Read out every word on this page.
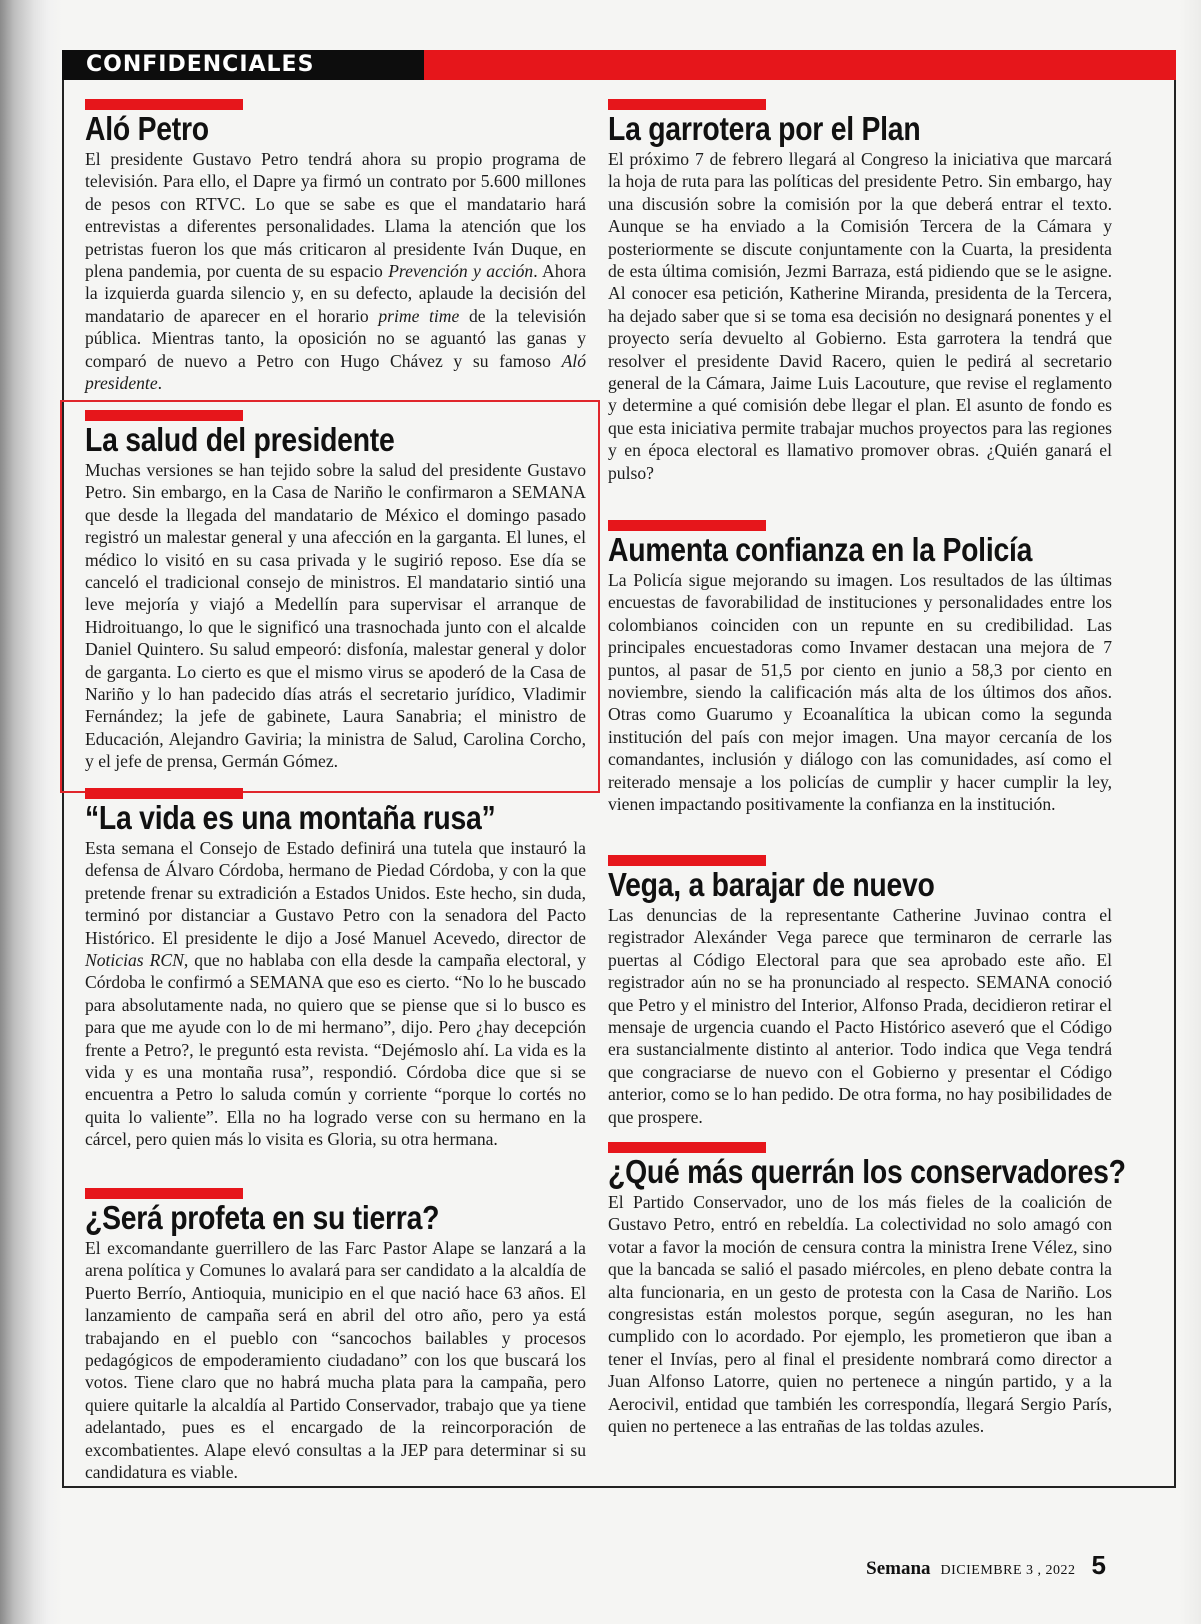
CONFIDENCIALES
Aló Petro

El presidente Gustavo Petro tendrá ahora su propio programa de televisión. Para ello, el Dapre ya firmó un contrato por 5.600 millones de pesos con RTVC. Lo que se sabe es que el mandatario hará entrevistas a diferentes personalidades. Llama la atención que los petristas fueron los que más criticaron al presidente Iván Duque, en plena pandemia, por cuenta de su espacio Prevención y acción. Ahora la izquierda guarda silencio y, en su defecto, aplaude la decisión del mandatario de aparecer en el horario prime time de la televisión pública. Mientras tanto, la oposición no se aguantó las ganas y comparó de nuevo a Petro con Hugo Chávez y su famoso Aló presidente.

La salud del presidente

Muchas versiones se han tejido sobre la salud del presidente Gustavo Petro. Sin embargo, en la Casa de Nariño le confirmaron a SEMANA que desde la llegada del mandatario de México el domingo pasado registró un malestar general y una afección en la garganta. El lunes, el médico lo visitó en su casa privada y le sugirió reposo. Ese día se canceló el tradicional consejo de ministros. El mandatario sintió una leve mejoría y viajó a Medellín para supervisar el arranque de Hidroituango, lo que le significó una trasnochada junto con el alcalde Daniel Quintero. Su salud empeoró: disfonía, malestar general y dolor de garganta. Lo cierto es que el mismo virus se apoderó de la Casa de Nariño y lo han padecido días atrás el secretario jurídico, Vladimir Fernández; la jefe de gabinete, Laura Sanabria; el ministro de Educación, Alejandro Gaviria; la ministra de Salud, Carolina Corcho, y el jefe de prensa, Germán Gómez.

“La vida es una montaña rusa”

Esta semana el Consejo de Estado definirá una tutela que instauró la defensa de Álvaro Córdoba, hermano de Piedad Córdoba, y con la que pretende frenar su extradición a Estados Unidos. Este hecho, sin duda, terminó por distanciar a Gustavo Petro con la senadora del Pacto Histórico. El presidente le dijo a José Manuel Acevedo, director de Noticias RCN, que no hablaba con ella desde la campaña electoral, y Córdoba le confirmó a SEMANA que eso es cierto. “No lo he buscado para absolutamente nada, no quiero que se piense que si lo busco es para que me ayude con lo de mi hermano”, dijo. Pero ¿hay decepción frente a Petro?, le preguntó esta revista. “Dejémoslo ahí. La vida es la vida y es una montaña rusa”, respondió. Córdoba dice que si se encuentra a Petro lo saluda común y corriente “porque lo cortés no quita lo valiente”. Ella no ha logrado verse con su hermano en la cárcel, pero quien más lo visita es Gloria, su otra hermana.

¿Será profeta en su tierra?

El excomandante guerrillero de las Farc Pastor Alape se lanzará a la arena política y Comunes lo avalará para ser candidato a la alcaldía de Puerto Berrío, Antioquia, municipio en el que nació hace 63 años. El lanzamiento de campaña será en abril del otro año, pero ya está trabajando en el pueblo con “sancochos bailables y procesos pedagógicos de empoderamiento ciudadano” con los que buscará los votos. Tiene claro que no habrá mucha plata para la campaña, pero quiere quitarle la alcaldía al Partido Conservador, trabajo que ya tiene adelantado, pues es el encargado de la reincorporación de excombatientes. Alape elevó consultas a la JEP para determinar si su candidatura es viable.

La garrotera por el Plan

El próximo 7 de febrero llegará al Congreso la iniciativa que marcará la hoja de ruta para las políticas del presidente Petro. Sin embargo, hay una discusión sobre la comisión por la que deberá entrar el texto. Aunque se ha enviado a la Comisión Tercera de la Cámara y posteriormente se discute conjuntamente con la Cuarta, la presidenta de esta última comisión, Jezmi Barraza, está pidiendo que se le asigne. Al conocer esa petición, Katherine Miranda, presidenta de la Tercera, ha dejado saber que si se toma esa decisión no designará ponentes y el proyecto sería devuelto al Gobierno. Esta garrotera la tendrá que resolver el presidente David Racero, quien le pedirá al secretario general de la Cámara, Jaime Luis Lacouture, que revise el reglamento y determine a qué comisión debe llegar el plan. El asunto de fondo es que esta iniciativa permite trabajar muchos proyectos para las regiones y en época electoral es llamativo promover obras. ¿Quién ganará el pulso?

Aumenta confianza en la Policía

La Policía sigue mejorando su imagen. Los resultados de las últimas encuestas de favorabilidad de instituciones y personalidades entre los colombianos coinciden con un repunte en su credibilidad. Las principales encuestadoras como Invamer destacan una mejora de 7 puntos, al pasar de 51,5 por ciento en junio a 58,3 por ciento en noviembre, siendo la calificación más alta de los últimos dos años. Otras como Guarumo y Ecoanalítica la ubican como la segunda institución del país con mejor imagen. Una mayor cercanía de los comandantes, inclusión y diálogo con las comunidades, así como el reiterado mensaje a los policías de cumplir y hacer cumplir la ley, vienen impactando positivamente la confianza en la institución.

Vega, a barajar de nuevo

Las denuncias de la representante Catherine Juvinao contra el registrador Alexánder Vega parece que terminaron de cerrarle las puertas al Código Electoral para que sea aprobado este año. El registrador aún no se ha pronunciado al respecto. SEMANA conoció que Petro y el ministro del Interior, Alfonso Prada, decidieron retirar el mensaje de urgencia cuando el Pacto Histórico aseveró que el Código era sustancialmente distinto al anterior. Todo indica que Vega tendrá que congraciarse de nuevo con el Gobierno y presentar el Código anterior, como se lo han pedido. De otra forma, no hay posibilidades de que prospere.

¿Qué más querrán los conservadores?

El Partido Conservador, uno de los más fieles de la coalición de Gustavo Petro, entró en rebeldía. La colectividad no solo amagó con votar a favor la moción de censura contra la ministra Irene Vélez, sino que la bancada se salió el pasado miércoles, en pleno debate contra la alta funcionaria, en un gesto de protesta con la Casa de Nariño. Los congresistas están molestos porque, según aseguran, no les han cumplido con lo acordado. Por ejemplo, les prometieron que iban a tener el Invías, pero al final el presidente nombrará como director a Juan Alfonso Latorre, quien no pertenece a ningún partido, y a la Aerocivil, entidad que también les correspondía, llegará Sergio París, quien no pertenece a las entrañas de las toldas azules.

Semana DICIEMBRE 3 , 2022 5
